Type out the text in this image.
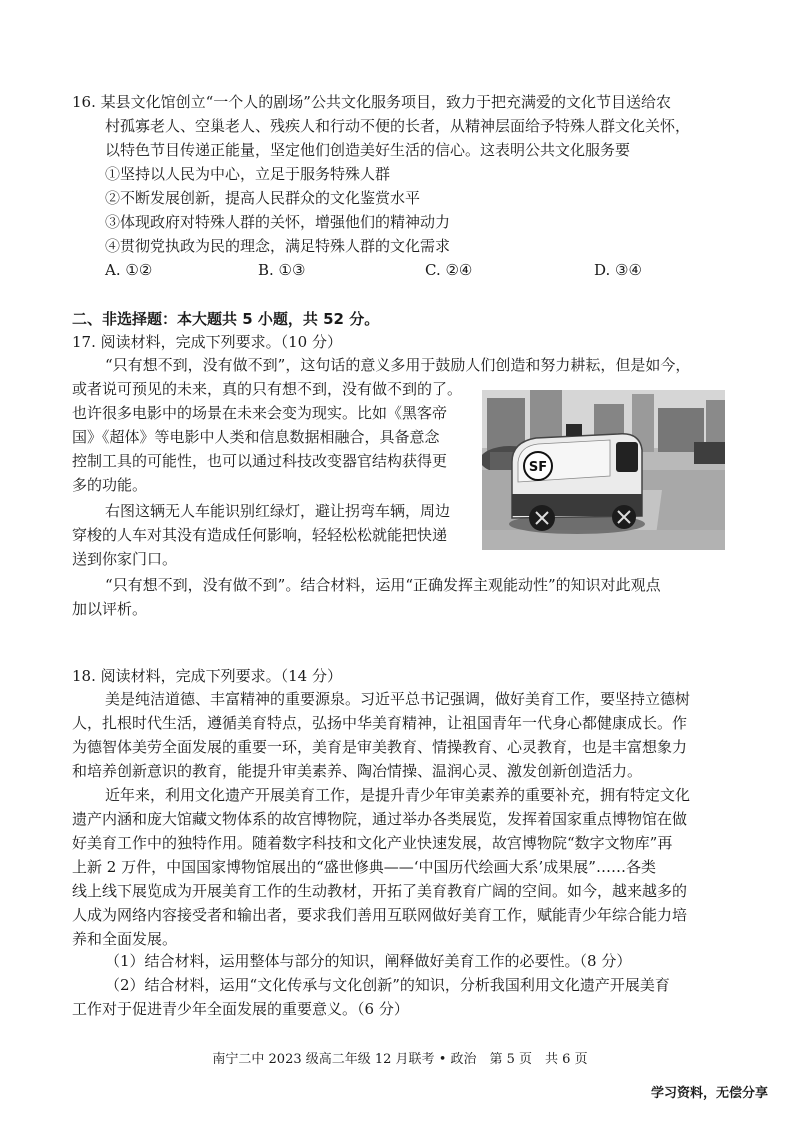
16. 某县文化馆创立“一个人的剧场”公共文化服务项目，致力于把充满爱的文化节目送给农
村孤寡老人、空巢老人、残疾人和行动不便的长者，从精神层面给予特殊人群文化关怀，
以特色节目传递正能量，坚定他们创造美好生活的信心。这表明公共文化服务要
①坚持以人民为中心，立足于服务特殊人群
②不断发展创新，提高人民群众的文化鉴赏水平
③体现政府对特殊人群的关怀，增强他们的精神动力
④贯彻党执政为民的理念，满足特殊人群的文化需求
A. ①②	B. ①③	C. ②④	D. ③④
二、非选择题：本大题共 5 小题，共 52 分。
17. 阅读材料，完成下列要求。（10 分）
“只有想不到，没有做不到”，这句话的意义多用于鼓励人们创造和努力耕耘，但是如今，
或者说可预见的未来，真的只有想不到，没有做不到的了。
也许很多电影中的场景在未来会变为现实。比如《黑客帝
国》《超体》等电影中人类和信息数据相融合，具备意念
控制工具的可能性，也可以通过科技改变器官结构获得更
多的功能。
右图这辆无人车能识别红绿灯，避让拐弯车辆，周边
穿梭的人车对其没有造成任何影响，轻轻松松就能把快递
送到你家门口。
“只有想不到，没有做不到”。结合材料，运用“正确发挥主观能动性”的知识对此观点
加以评析。
SF
18. 阅读材料，完成下列要求。（14 分）
美是纯洁道德、丰富精神的重要源泉。习近平总书记强调，做好美育工作，要坚持立德树
人，扎根时代生活，遵循美育特点，弘扬中华美育精神，让祖国青年一代身心都健康成长。作
为德智体美劳全面发展的重要一环，美育是审美教育、情操教育、心灵教育，也是丰富想象力
和培养创新意识的教育，能提升审美素养、陶冶情操、温润心灵、激发创新创造活力。
近年来，利用文化遗产开展美育工作，是提升青少年审美素养的重要补充，拥有特定文化
遗产内涵和庞大馆藏文物体系的故宫博物院，通过举办各类展览，发挥着国家重点博物馆在做
好美育工作中的独特作用。随着数字科技和文化产业快速发展，故宫博物院“数字文物库”再
上新 2 万件，中国国家博物馆展出的“盛世修典——‘中国历代绘画大系’成果展”……各类
线上线下展览成为开展美育工作的生动教材，开拓了美育教育广阔的空间。如今，越来越多的
人成为网络内容接受者和输出者，要求我们善用互联网做好美育工作，赋能青少年综合能力培
养和全面发展。
（1）结合材料，运用整体与部分的知识，阐释做好美育工作的必要性。（8 分）
（2）结合材料，运用“文化传承与文化创新”的知识，分析我国利用文化遗产开展美育
工作对于促进青少年全面发展的重要意义。（6 分）
南宁二中 2023 级高二年级 12 月联考 • 政治　第 5 页　共 6 页
学习资料，无偿分享
